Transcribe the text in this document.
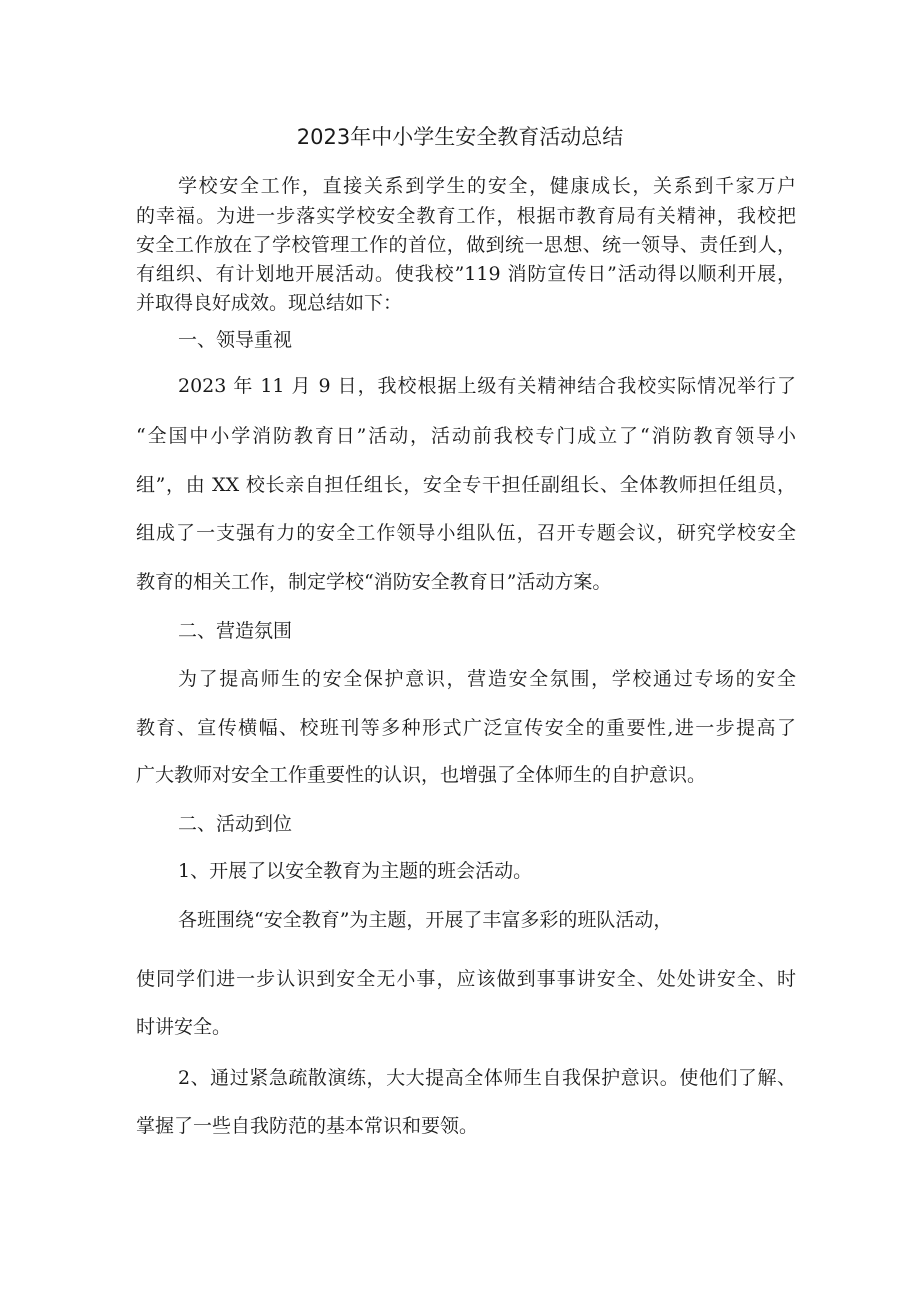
2023年中小学生安全教育活动总结
学校安全工作，直接关系到学生的安全，健康成长，关系到千家万户
的幸福。为进一步落实学校安全教育工作，根据市教育局有关精神，我校把
安全工作放在了学校管理工作的首位，做到统一思想、统一领导、责任到人，
有组织、有计划地开展活动。使我校”119 消防宣传日”活动得以顺利开展，
并取得良好成效。现总结如下：
一、领导重视
2023 年 11 月 9 日，我校根据上级有关精神结合我校实际情况举行了
“全国中小学消防教育日”活动，活动前我校专门成立了“消防教育领导小
组”，由 XX 校长亲自担任组长，安全专干担任副组长、全体教师担任组员，
组成了一支强有力的安全工作领导小组队伍，召开专题会议，研究学校安全
教育的相关工作，制定学校“消防安全教育日”活动方案。
二、营造氛围
为了提高师生的安全保护意识，营造安全氛围，学校通过专场的安全
教育、宣传横幅、校班刊等多种形式广泛宣传安全的重要性,进一步提高了
广大教师对安全工作重要性的认识，也增强了全体师生的自护意识。
二、活动到位
1、开展了以安全教育为主题的班会活动。
各班围绕“安全教育”为主题，开展了丰富多彩的班队活动，
使同学们进一步认识到安全无小事，应该做到事事讲安全、处处讲安全、时
时讲安全。
2、通过紧急疏散演练，大大提高全体师生自我保护意识。使他们了解、
掌握了一些自我防范的基本常识和要领。
